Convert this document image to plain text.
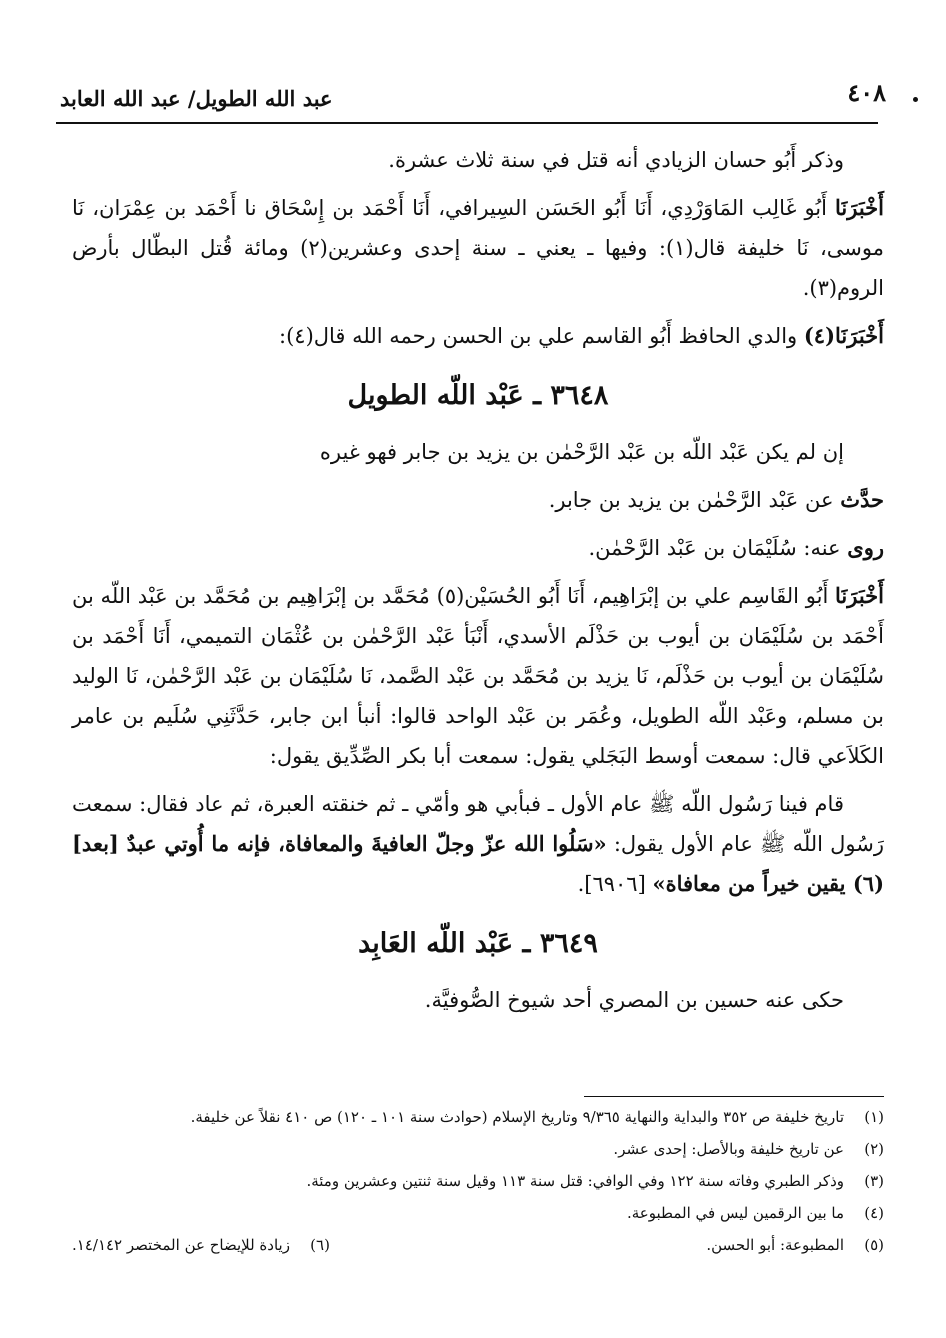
٤٠٨
عبد الله الطويل/ عبد الله العابد

وذكر أَبُو حسان الزيادي أنه قتل في سنة ثلاث عشرة.

أَخْبَرَنَا أَبُو غَالِب المَاوَرْدِي، أَنَا أَبُو الحَسَن السِيرافي، أَنَا أَحْمَد بن إِسْحَاق نا أَحْمَد بن عِمْرَان، نَا موسى، نَا خليفة قال(١): وفيها ـ يعني ـ سنة إحدى وعشرين(٢) ومائة قُتل البطّال بأرض الروم(٣).

أَخْبَرَنَا(٤) والدي الحافظ أَبُو القاسم علي بن الحسن رحمه الله قال(٤):

٣٦٤٨ ـ عَبْد اللّه الطويل

إن لم يكن عَبْد اللّه بن عَبْد الرَّحْمٰن بن يزيد بن جابر فهو غيره

حدَّث عن عَبْد الرَّحْمٰن بن يزيد بن جابر.

روى عنه: سُلَيْمَان بن عَبْد الرَّحْمٰن.

أَخْبَرَنَا أَبُو القَاسِم علي بن إبْرَاهِيم، أَنَا أَبُو الحُسَيْن(٥) مُحَمَّد بن إبْرَاهِيم بن مُحَمَّد بن عَبْد اللّه بن أَحْمَد بن سُلَيْمَان بن أيوب بن حَذْلَم الأسدي، أَنْبَأ عَبْد الرَّحْمٰن بن عُثْمَان التميمي، أَنَا أَحْمَد بن سُلَيْمَان بن أيوب بن حَذْلَم، نَا يزيد بن مُحَمَّد بن عَبْد الصَّمد، نَا سُلَيْمَان بن عَبْد الرَّحْمٰن، نَا الوليد بن مسلم، وعَبْد اللّه الطويل، وعُمَر بن عَبْد الواحد قالوا: أنبأ ابن جابر، حَدَّثَنِي سُلَيم بن عامر الكَلاَعي قال: سمعت أوسط البَجَلي يقول: سمعت أبا بكر الصِّدِّيق يقول:

قام فينا رَسُول اللّه ﷺ عام الأول ـ فبأبي هو وأمّي ـ ثم خنقته العبرة، ثم عاد فقال: سمعت رَسُول اللّه ﷺ عام الأول يقول: «سَلُوا الله عزّ وجلّ العافيةَ والمعافاة، فإنه ما أُوتي عبدٌ [بعد](٦) يقين خيراً من معافاة» [٦٩٠٦].

٣٦٤٩ ـ عَبْد اللّه العَابِد

حكى عنه حسين بن المصري أحد شيوخ الصُّوفيَّة.

(١)
تاريخ خليفة ص ٣٥٢ والبداية والنهاية ٩/٣٦٥ وتاريخ الإسلام (حوادث سنة ١٠١ ـ ١٢٠) ص ٤١٠ نقلاً عن خليفة.
(٢)
عن تاريخ خليفة وبالأصل: إحدى عشر.
(٣)
وذكر الطبري وفاته سنة ١٢٢ وفي الوافي: قتل سنة ١١٣ وقيل سنة ثنتين وعشرين ومئة.
(٤)
ما بين الرقمين ليس في المطبوعة.
(٥)
المطبوعة: أبو الحسن.
(٦)
زيادة للإيضاح عن المختصر ١٤/١٤٢.
